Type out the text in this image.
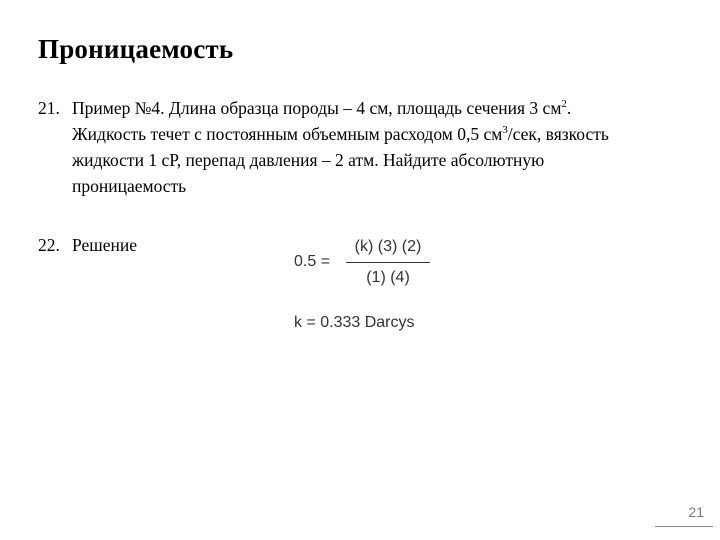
Проницаемость
21. Пример №4. Длина образца породы – 4 см, площадь сечения 3 $см^2$.
Жидкость течет с постоянным объемным расходом 0,5 $см^3$/сек, вязкость
жидкости 1 сР, перепад давления – 2 атм. Найдите абсолютную
проницаемость
22. Решение
0.5 =
(k) (3) (2)
(1) (4)
k = 0.333 Darcys
21
